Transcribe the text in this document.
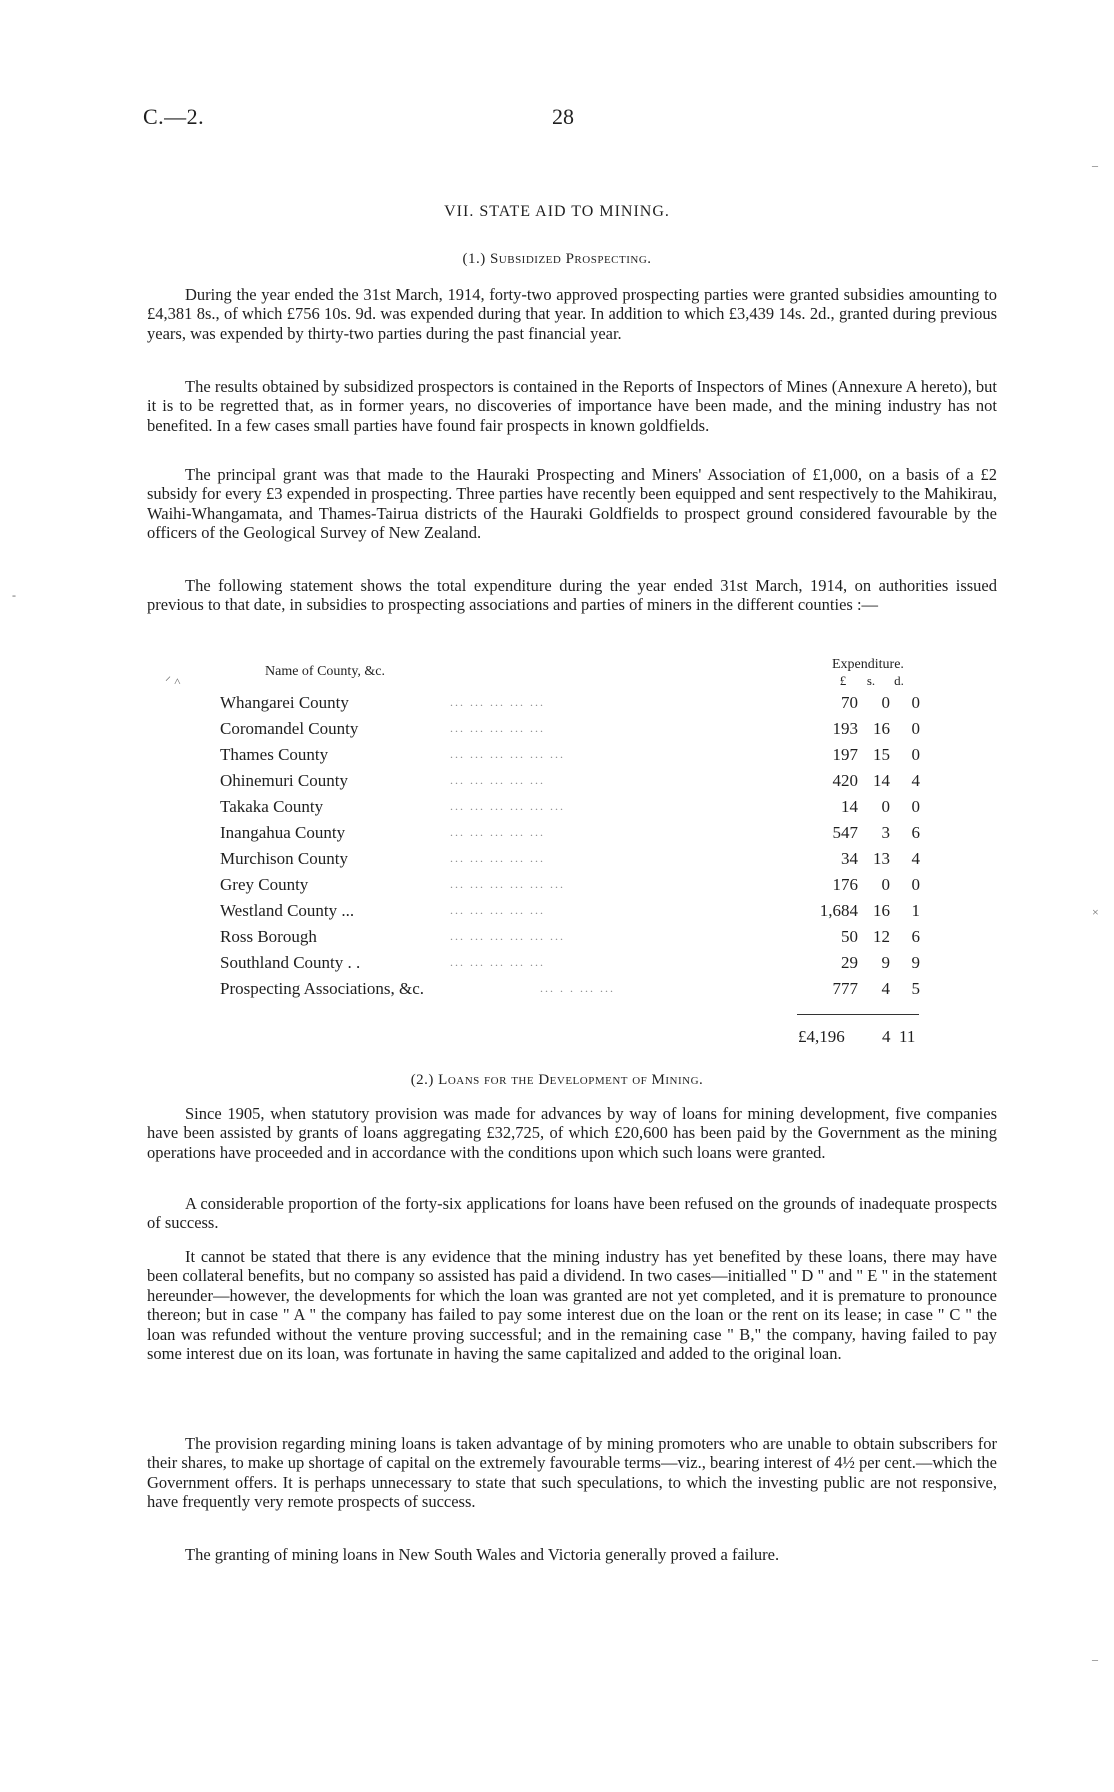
C.—2.	28
VII. STATE AID TO MINING.
(1.) Subsidized Prospecting.

During the year ended the 31st March, 1914, forty-two approved prospecting parties were granted subsidies amounting to £4,381 8s., of which £756 10s. 9d. was expended during that year. In addition to which £3,439 14s. 2d., granted during previous years, was expended by thirty-two parties during the past financial year.

The results obtained by subsidized prospectors is contained in the Reports of Inspectors of Mines (Annexure A hereto), but it is to be regretted that, as in former years, no discoveries of importance have been made, and the mining industry has not benefited. In a few cases small parties have found fair prospects in known goldfields.

The principal grant was that made to the Hauraki Prospecting and Miners' Association of £1,000, on a basis of a £2 subsidy for every £3 expended in prospecting. Three parties have recently been equipped and sent respectively to the Mahikirau, Waihi-Whangamata, and Thames-Tairua districts of the Hauraki Goldfields to prospect ground considered favourable by the officers of the Geological Survey of New Zealand.

The following statement shows the total expenditure during the year ended 31st March, 1914, on authorities issued previous to that date, in subsidies to prospecting associations and parties of miners in the different counties :—

Name of County, &c.	Expenditure.
£ s. d.
Whangarei County	... ... ... ... ...	70 0	0
Coromandel County	... ... ... ... ...	193 16	0
Thames County	... ... ... ... ... ...	197 15	0
Ohinemuri County	... ... ... ... ...	420 14	4
Takaka County	... ... ... ... ... ...	14 0	0
Inangahua County	... ... ... ... ...	547 3	6
Murchison County	... ... ... ... ...	34 13	4
Grey County	... ... ... ... ... ...	176 0	0
Westland County ...	... ... ... ... ...	1,684 16	1
Ross Borough	... ... ... ... ... ...	50 12	6
Southland County . .	... ... ... ... ...	29 9	9
Prospecting Associations, &c.	... . . ... ...	777 4	5
£4,196 4 11
(2.) Loans for the Development of Mining.

Since 1905, when statutory provision was made for advances by way of loans for mining development, five companies have been assisted by grants of loans aggregating £32,725, of which £20,600 has been paid by the Government as the mining operations have proceeded and in accordance with the conditions upon which such loans were granted.

A considerable proportion of the forty-six applications for loans have been refused on the grounds of inadequate prospects of success.

It cannot be stated that there is any evidence that the mining industry has yet benefited by these loans, there may have been collateral benefits, but no company so assisted has paid a dividend. In two cases—initialled " D " and " E " in the statement hereunder—however, the developments for which the loan was granted are not yet completed, and it is premature to pronounce thereon; but in case " A " the company has failed to pay some interest due on the loan or the rent on its lease; in case " C " the loan was refunded without the venture proving successful; and in the remaining case " B," the company, having failed to pay some interest due on its loan, was fortunate in having the same capitalized and added to the original loan.

The provision regarding mining loans is taken advantage of by mining promoters who are unable to obtain subscribers for their shares, to make up shortage of capital on the extremely favourable terms—viz., bearing interest of 4½ per cent.—which the Government offers. It is perhaps unnecessary to state that such speculations, to which the investing public are not responsive, have frequently very remote prospects of success.

The granting of mining loans in New South Wales and Victoria generally proved a failure.

–
-
⸍ ˄
×
–
